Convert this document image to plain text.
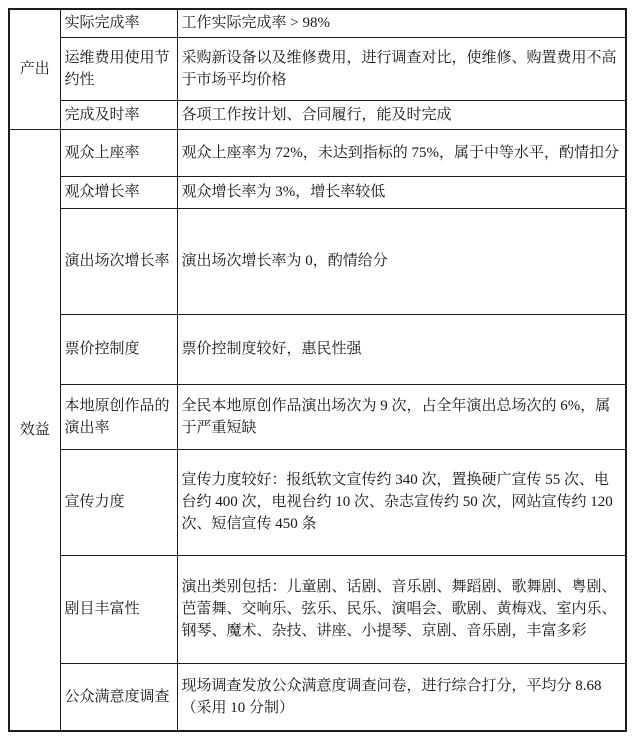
产出	实际完成率	工作实际完成率 > 98%
	运维费用使用节约性	采购新设备以及维修费用，进行调查对比，使维修、购置费用不高于市场平均价格
	完成及时率	各项工作按计划、合同履行，能及时完成
效益	观众上座率	观众上座率为 72%，未达到指标的 75%，属于中等水平，酌情扣分
	观众增长率	观众增长率为 3%，增长率较低
	演出场次增长率	演出场次增长率为 0，酌情给分
	票价控制度	票价控制度较好，惠民性强
	本地原创作品的演出率	全民本地原创作品演出场次为 9 次，占全年演出总场次的 6%，属于严重短缺
	宣传力度	宣传力度较好：报纸软文宣传约 340 次，置换硬广宣传 55 次、电台约 400 次，电视台约 10 次、杂志宣传约 50 次，网站宣传约 120 次、短信宣传 450 条
	剧目丰富性	演出类别包括：儿童剧、话剧、音乐剧、舞蹈剧、歌舞剧、粤剧、芭蕾舞、交响乐、弦乐、民乐、演唱会、歌剧、黄梅戏、室内乐、钢琴、魔术、杂技、讲座、小提琴、京剧、音乐剧，丰富多彩
	公众满意度调查	现场调查发放公众满意度调查问卷，进行综合打分，平均分 8.68（采用 10 分制）
